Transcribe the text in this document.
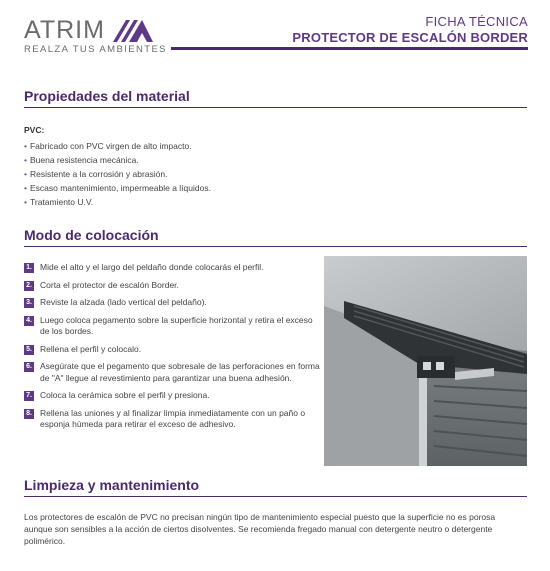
ATRIM
REALZA TUS AMBIENTES
FICHA TÉCNICA
PROTECTOR DE ESCALÓN BORDER
Propiedades del material
PVC:
• Fabricado con PVC virgen de alto impacto.
• Buena resistencia mecánica.
• Resistente a la corrosión y abrasión.
• Escaso mantenimiento, impermeable a líquidos.
• Tratamiento U.V.
Modo de colocación
1. Mide el alto y el largo del peldaño donde colocarás el perfil.
2. Corta el protector de escalón Border.
3. Reviste la alzada (lado vertical del peldaño).
4. Luego coloca pegamento sobre la superficie horizontal y retira el exceso de los bordes.
5. Rellena el perfil y colocalo.
6. Asegúrate que el pegamento que sobresale de las perforaciones en forma de "A" llegue al revestimiento para garantizar una buena adhesión.
7. Coloca la cerámica sobre el perfil y presiona.
8. Rellena las uniones y al finalizar limpia inmediatamente con un paño o esponja húmeda para retirar el exceso de adhesivo.
Limpieza y mantenimiento

Los protectores de escalón de PVC no precisan ningún tipo de mantenimiento especial puesto que la superficie no es porosa aunque son sensibles a la acción de ciertos disolventes. Se recomienda fregado manual con detergente neutro o detergente polimérico.
